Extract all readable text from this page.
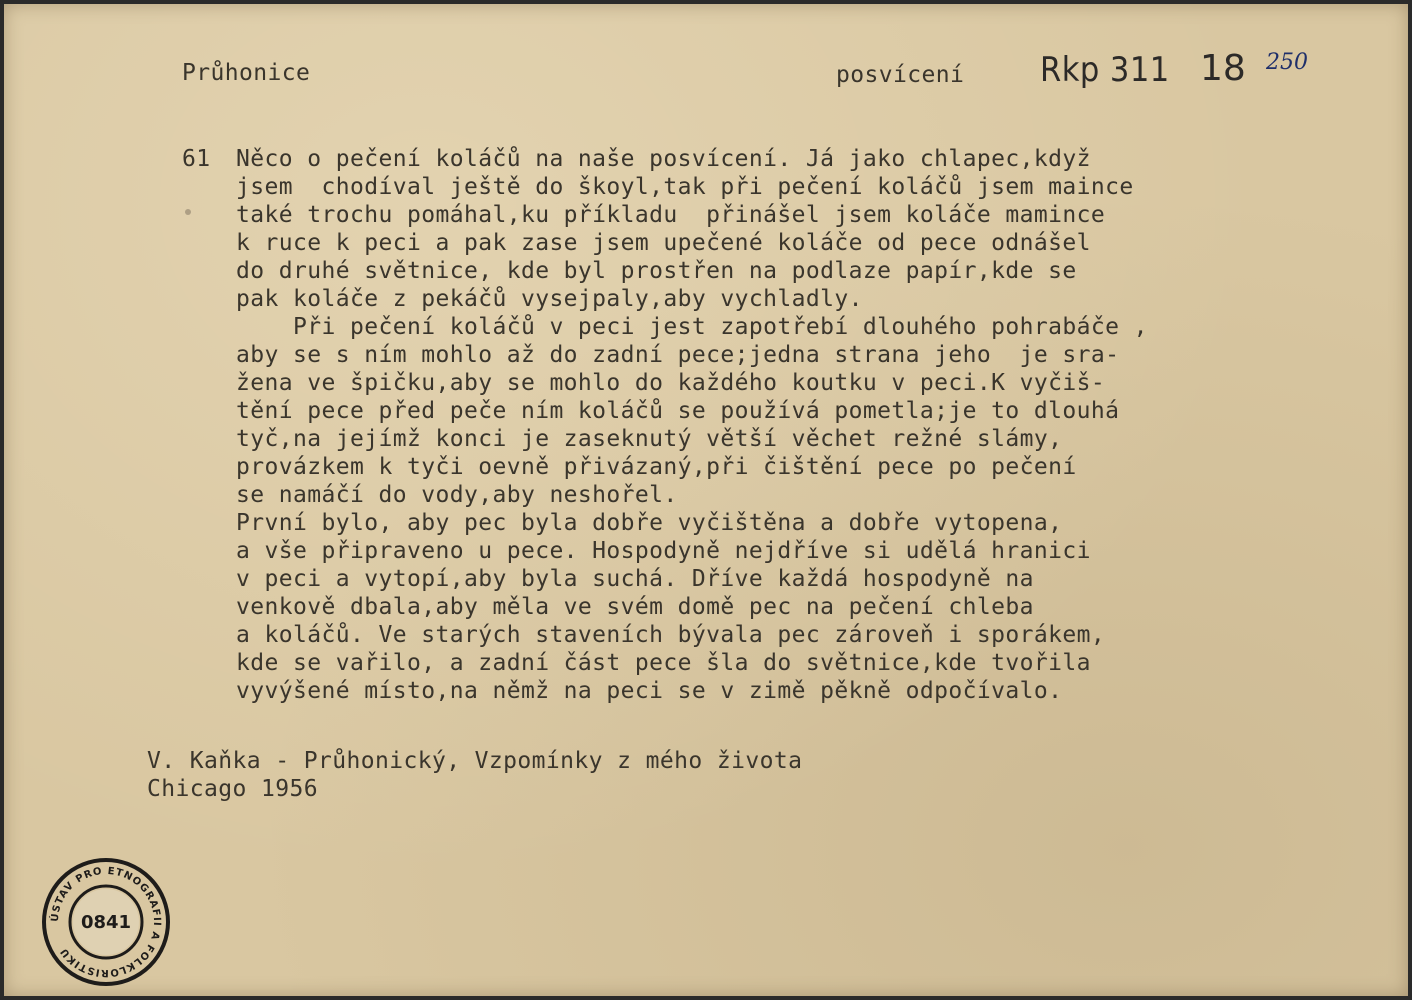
Průhonice	posvícení Rkp 311 18 250
61 Něco o pečení koláčů na naše posvícení. Já jako chlapec,když
jsem  chodíval ještě do škoyl,tak při pečení koláčů jsem maince
také trochu pomáhal,ku příkladu  přinášel jsem koláče mamince
k ruce k peci a pak zase jsem upečené koláče od pece odnášel
do druhé světnice, kde byl prostřen na podlaze papír,kde se
pak koláče z pekáčů vysejpaly,aby vychladly.
Při pečení koláčů v peci jest zapotřebí dlouhého pohrabáče ,
aby se s ním mohlo až do zadní pece;jedna strana jeho  je sra-
žena ve špičku,aby se mohlo do každého koutku v peci.K vyčiš-
tění pece před peče ním koláčů se používá pometla;je to dlouhá
tyč,na jejímž konci je zaseknutý větší věchet režné slámy,
provázkem k tyči oevně přivázaný,při čištění pece po pečení
se namáčí do vody,aby neshořel.
První bylo, aby pec byla dobře vyčištěna a dobře vytopena,
a vše připraveno u pece. Hospodyně nejdříve si udělá hranici
v peci a vytopí,aby byla suchá. Dříve každá hospodyně na
venkově dbala,aby měla ve svém domě pec na pečení chleba
a koláčů. Ve starých staveních bývala pec zároveň i sporákem,
kde se vařilo, a zadní část pece šla do světnice,kde tvořila
vyvýšené místo,na němž na peci se v zimě pěkně odpočívalo.
V. Kaňka - Průhonický, Vzpomínky z mého života
Chicago 1956
ÚSTAV PRO ETNOGRAFII A FOLKLORISTIKU
0841
